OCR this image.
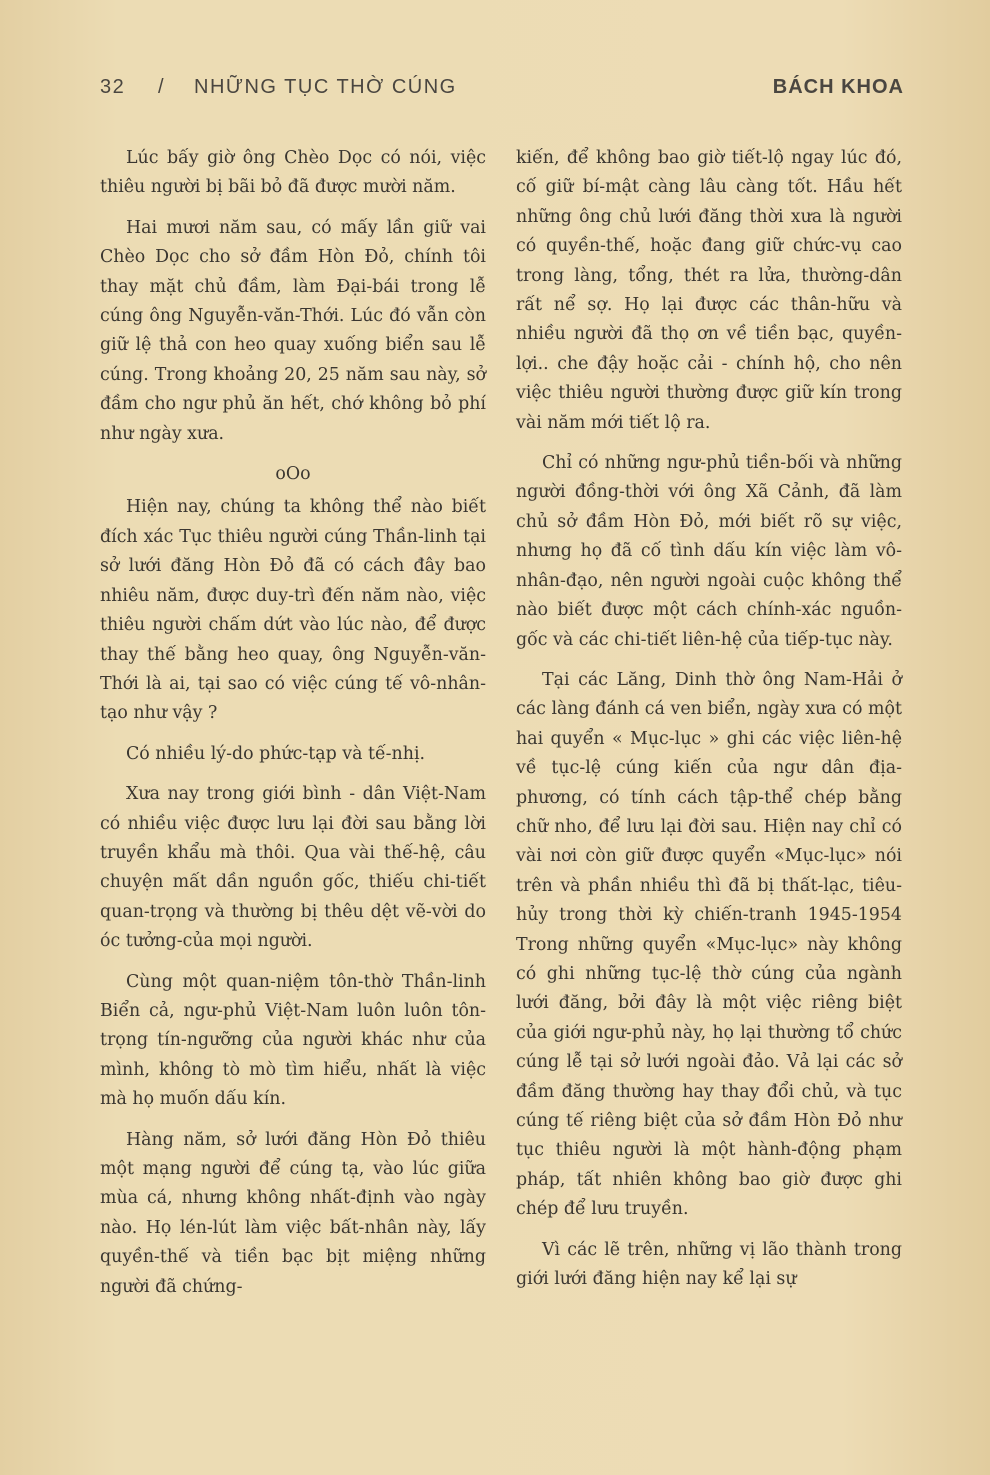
32 / NHỮNG TỤC THỜ CÚNG	BÁCH KHOA

Lúc bấy giờ ông Chèo Dọc có nói, việc thiêu người bị bãi bỏ đã được mười năm.

Hai mươi năm sau, có mấy lần giữ vai Chèo Dọc cho sở đầm Hòn Đỏ, chính tôi thay mặt chủ đầm, làm Đại-bái trong lễ cúng ông Nguyễn-văn-Thới. Lúc đó vẫn còn giữ lệ thả con heo quay xuống biển sau lễ cúng. Trong khoảng 20, 25 năm sau này, sở đầm cho ngư phủ ăn hết, chớ không bỏ phí như ngày xưa.

oOo

Hiện nay, chúng ta không thể nào biết đích xác Tục thiêu người cúng Thần-linh tại sở lưới đăng Hòn Đỏ đã có cách đây bao nhiêu năm, được duy-trì đến năm nào, việc thiêu người chấm dứt vào lúc nào, để được thay thế bằng heo quay, ông Nguyễn-văn-Thới là ai, tại sao có việc cúng tế vô-nhân-tạo như vậy ?

Có nhiều lý-do phức-tạp và tế-nhị.

Xưa nay trong giới bình - dân Việt-Nam có nhiều việc được lưu lại đời sau bằng lời truyền khẩu mà thôi. Qua vài thế-hệ, câu chuyện mất dần nguồn gốc, thiếu chi-tiết quan-trọng và thường bị thêu dệt vẽ-vời do óc tưởng-của mọi người.

Cùng một quan-niệm tôn-thờ Thần-linh Biển cả, ngư-phủ Việt-Nam luôn luôn tôn-trọng tín-ngưỡng của người khác như của mình, không tò mò tìm hiểu, nhất là việc mà họ muốn dấu kín.

Hàng năm, sở lưới đăng Hòn Đỏ thiêu một mạng người để cúng tạ, vào lúc giữa mùa cá, nhưng không nhất-định vào ngày nào. Họ lén-lút làm việc bất-nhân này, lấy quyền-thế và tiền bạc bịt miệng những người đã chứng-

kiến, để không bao giờ tiết-lộ ngay lúc đó, cố giữ bí-mật càng lâu càng tốt. Hầu hết những ông chủ lưới đăng thời xưa là người có quyền-thế, hoặc đang giữ chức-vụ cao trong làng, tổng, thét ra lửa, thường-dân rất nể sợ. Họ lại được các thân-hữu và nhiều người đã thọ ơn về tiền bạc, quyền-lợi.. che đậy hoặc cải - chính hộ, cho nên việc thiêu người thường được giữ kín trong vài năm mới tiết lộ ra.

Chỉ có những ngư-phủ tiền-bối và những người đồng-thời với ông Xã Cảnh, đã làm chủ sở đầm Hòn Đỏ, mới biết rõ sự việc, nhưng họ đã cố tình dấu kín việc làm vô-nhân-đạo, nên người ngoài cuộc không thể nào biết được một cách chính-xác nguồn-gốc và các chi-tiết liên-hệ của tiếp-tục này.

Tại các Lăng, Dinh thờ ông Nam-Hải ở các làng đánh cá ven biển, ngày xưa có một hai quyển « Mục-lục » ghi các việc liên-hệ về tục-lệ cúng kiến của ngư dân địa-phương, có tính cách tập-thể chép bằng chữ nho, để lưu lại đời sau. Hiện nay chỉ có vài nơi còn giữ được quyển «Mục-lục» nói trên và phần nhiều thì đã bị thất-lạc, tiêu-hủy trong thời kỳ chiến-tranh 1945-1954 Trong những quyển «Mục-lục» này không có ghi những tục-lệ thờ cúng của ngành lưới đăng, bởi đây là một việc riêng biệt của giới ngư-phủ này, họ lại thường tổ chức cúng lễ tại sở lưới ngoài đảo. Vả lại các sở đầm đăng thường hay thay đổi chủ, và tục cúng tế riêng biệt của sở đầm Hòn Đỏ như tục thiêu người là một hành-động phạm pháp, tất nhiên không bao giờ được ghi chép để lưu truyền.

Vì các lẽ trên, những vị lão thành trong giới lưới đăng hiện nay kể lại sự
